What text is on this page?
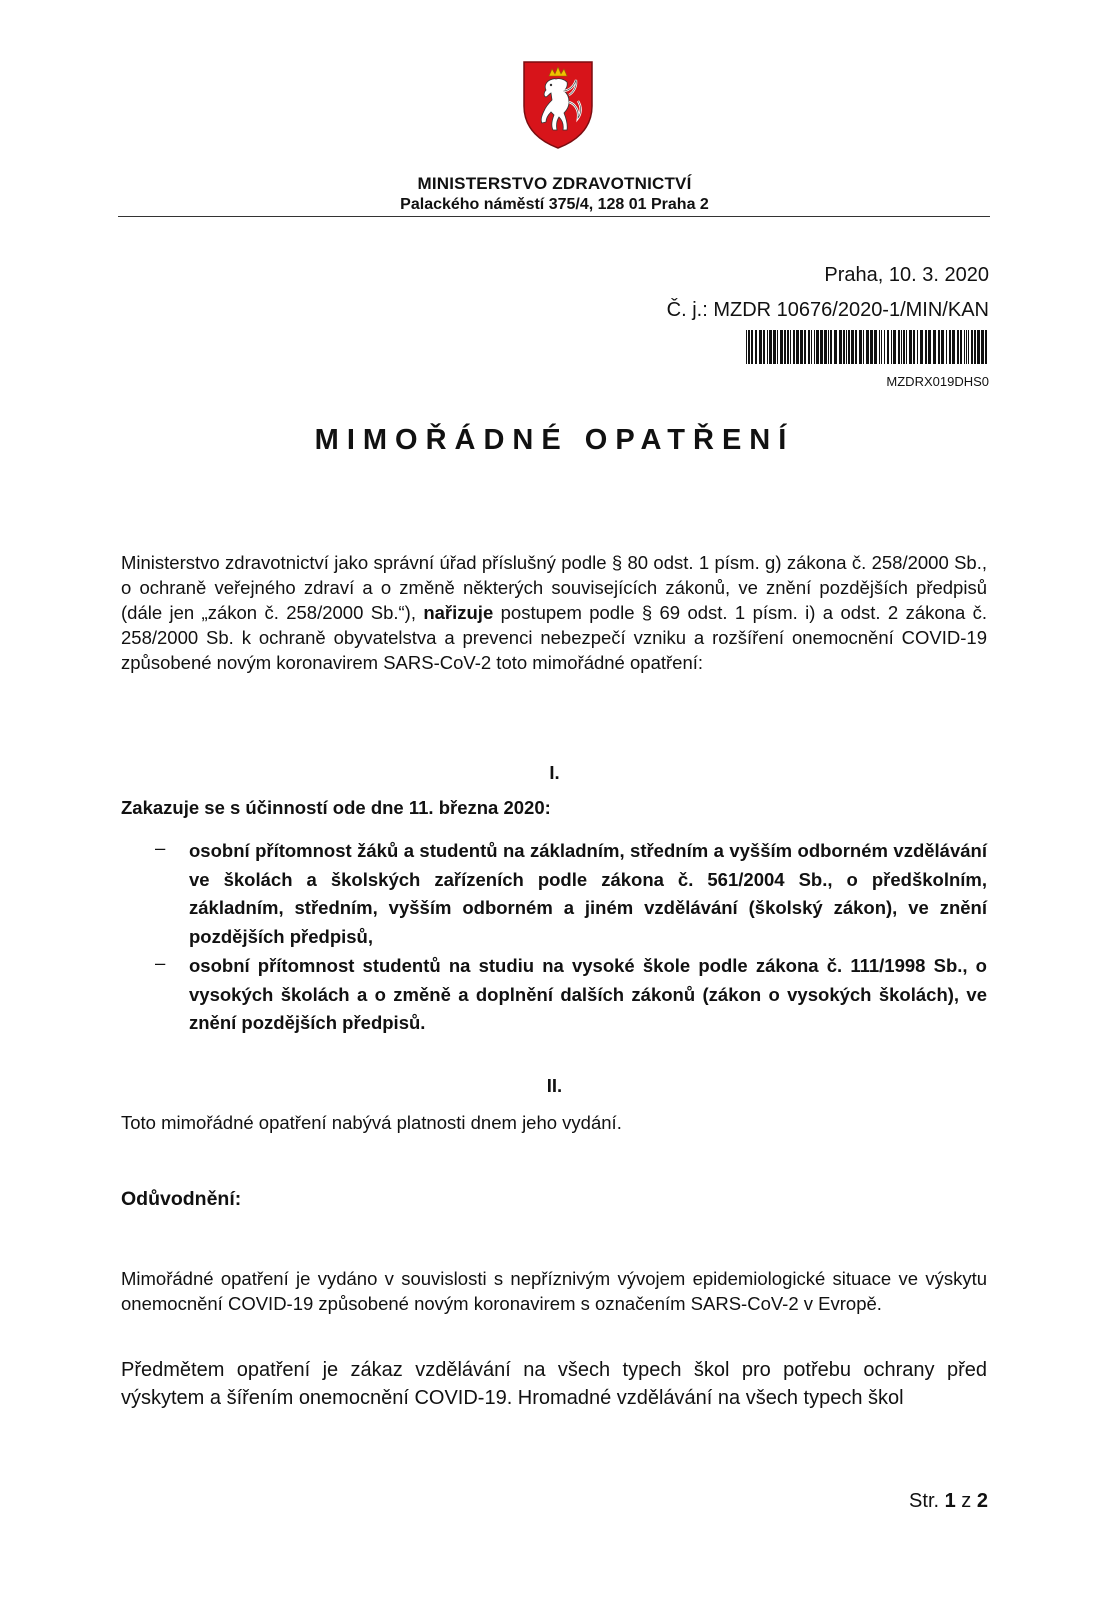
MINISTERSTVO ZDRAVOTNICTVÍ
Palackého náměstí 375/4, 128 01 Praha 2
Praha, 10. 3. 2020
Č. j.: MZDR 10676/2020-1/MIN/KAN
MZDRX019DHS0
MIMOŘÁDNÉ OPATŘENÍ
Ministerstvo zdravotnictví jako správní úřad příslušný podle § 80 odst. 1 písm. g) zákona č. 258/2000 Sb., o ochraně veřejného zdraví a o změně některých souvisejících zákonů, ve znění pozdějších předpisů (dále jen „zákon č. 258/2000 Sb.“), nařizuje postupem podle § 69 odst. 1 písm. i) a odst. 2 zákona č. 258/2000 Sb. k ochraně obyvatelstva a prevenci nebezpečí vzniku a rozšíření onemocnění COVID-19 způsobené novým koronavirem SARS-CoV-2 toto mimořádné opatření:
I.
Zakazuje se s účinností ode dne 11. března 2020:
– osobní přítomnost žáků a studentů na základním, středním a vyšším odborném vzdělávání ve školách a školských zařízeních podle zákona č. 561/2004 Sb., o předškolním, základním, středním, vyšším odborném a jiném vzdělávání (školský zákon), ve znění pozdějších předpisů,
– osobní přítomnost studentů na studiu na vysoké škole podle zákona č. 111/1998 Sb., o vysokých školách a o změně a doplnění dalších zákonů (zákon o vysokých školách), ve znění pozdějších předpisů.
II.
Toto mimořádné opatření nabývá platnosti dnem jeho vydání.
Odůvodnění:
Mimořádné opatření je vydáno v souvislosti s nepříznivým vývojem epidemiologické situace ve výskytu onemocnění COVID-19 způsobené novým koronavirem s označením SARS-CoV-2 v Evropě.
Předmětem opatření je zákaz vzdělávání na všech typech škol pro potřebu ochrany před výskytem a šířením onemocnění COVID-19. Hromadné vzdělávání na všech typech škol
Str. 1 z 2
